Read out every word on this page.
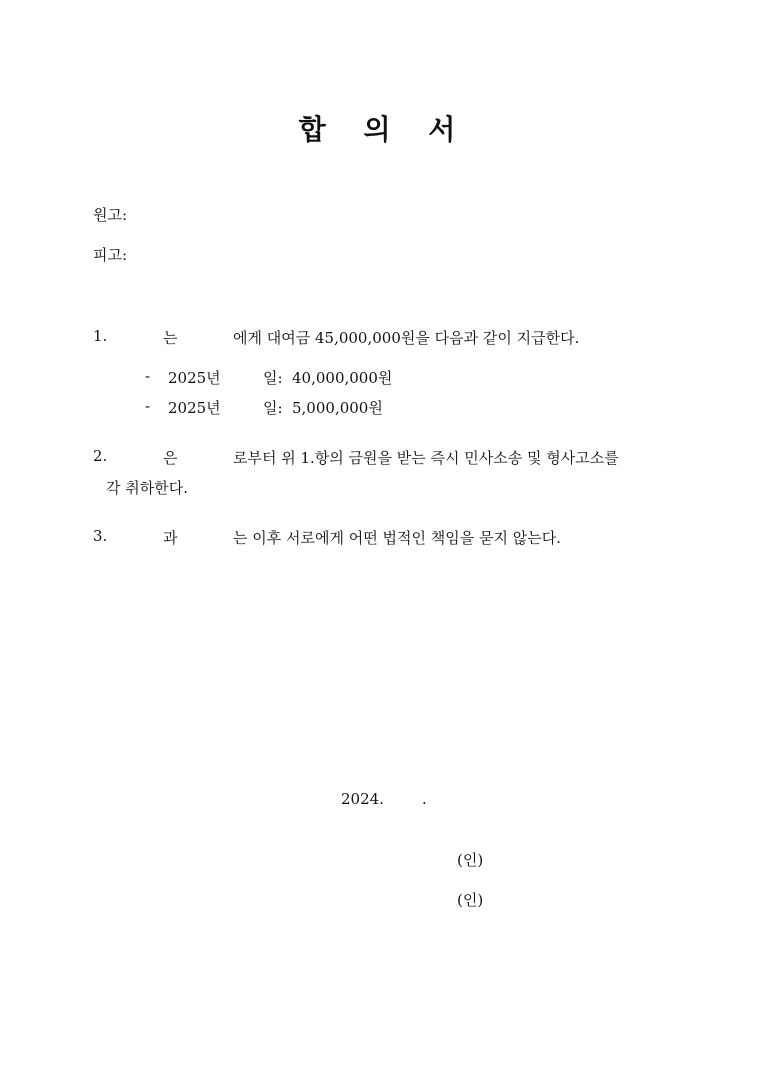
합 의 서
원고:
피고:
1.	는	에게 대여금 45,000,000원을 다음과 같이 지급한다.
- 2025년	일: 40,000,000원
- 2025년	일: 5,000,000원
2.	은	로부터 위 1.항의 금원을 받는 즉시 민사소송 및 형사고소를
각 취하한다.
3.	과	는 이후 서로에게 어떤 법적인 책임을 묻지 않는다.
2024.	.
(인)
(인)
